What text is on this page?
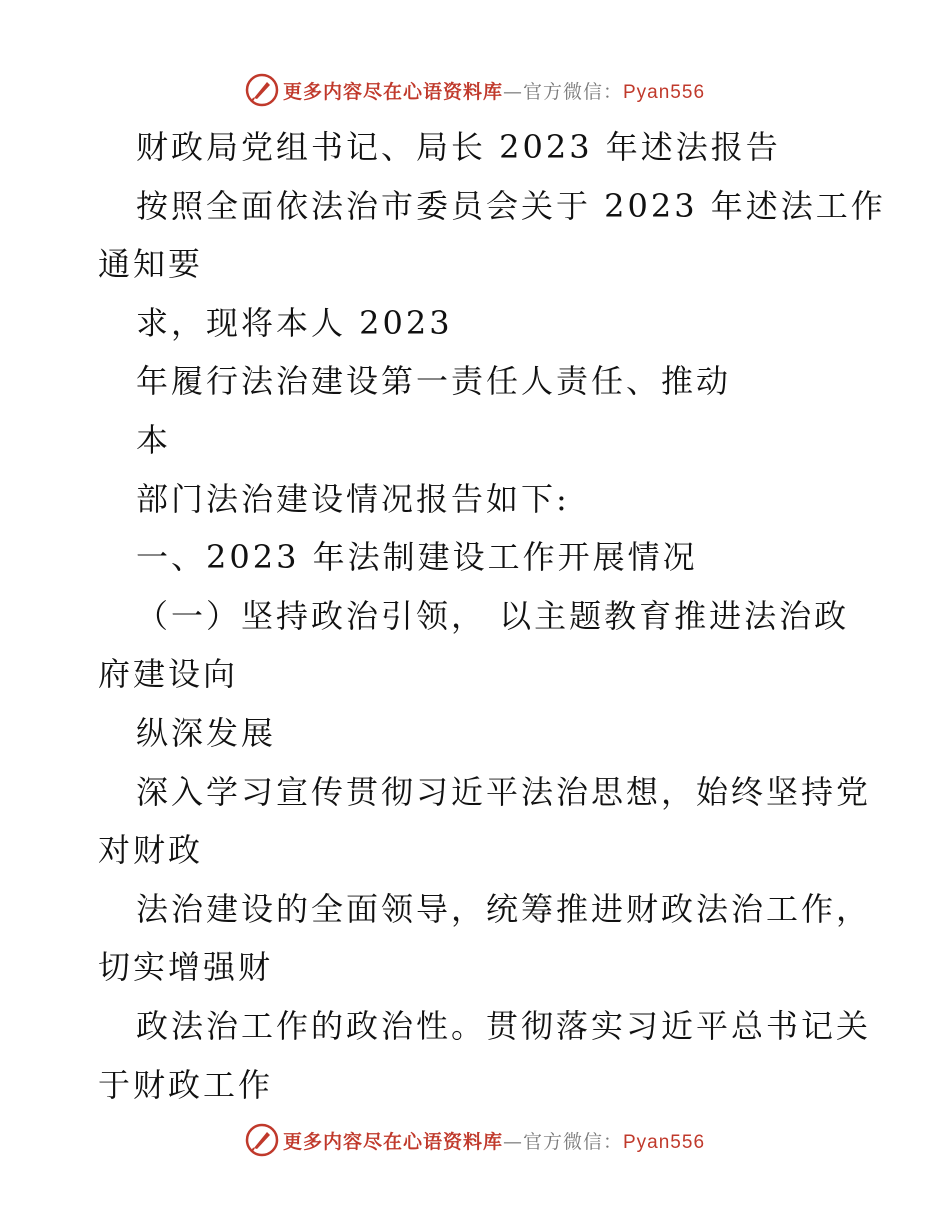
更多内容尽在心语资料库—官方微信：Pyan556
财政局党组书记、局长 2023 年述法报告
按照全面依法治市委员会关于 2023 年述法工作
通知要
求，现将本人 2023
年履行法治建设第一责任人责任、推动
本
部门法治建设情况报告如下:
一、2023 年法制建设工作开展情况
（一）坚持政治引领， 以主题教育推进法治政
府建设向
纵深发展
深入学习宣传贯彻习近平法治思想，始终坚持党
对财政
法治建设的全面领导，统筹推进财政法治工作，
切实增强财
政法治工作的政治性。贯彻落实习近平总书记关
于财政工作
更多内容尽在心语资料库—官方微信：Pyan556
